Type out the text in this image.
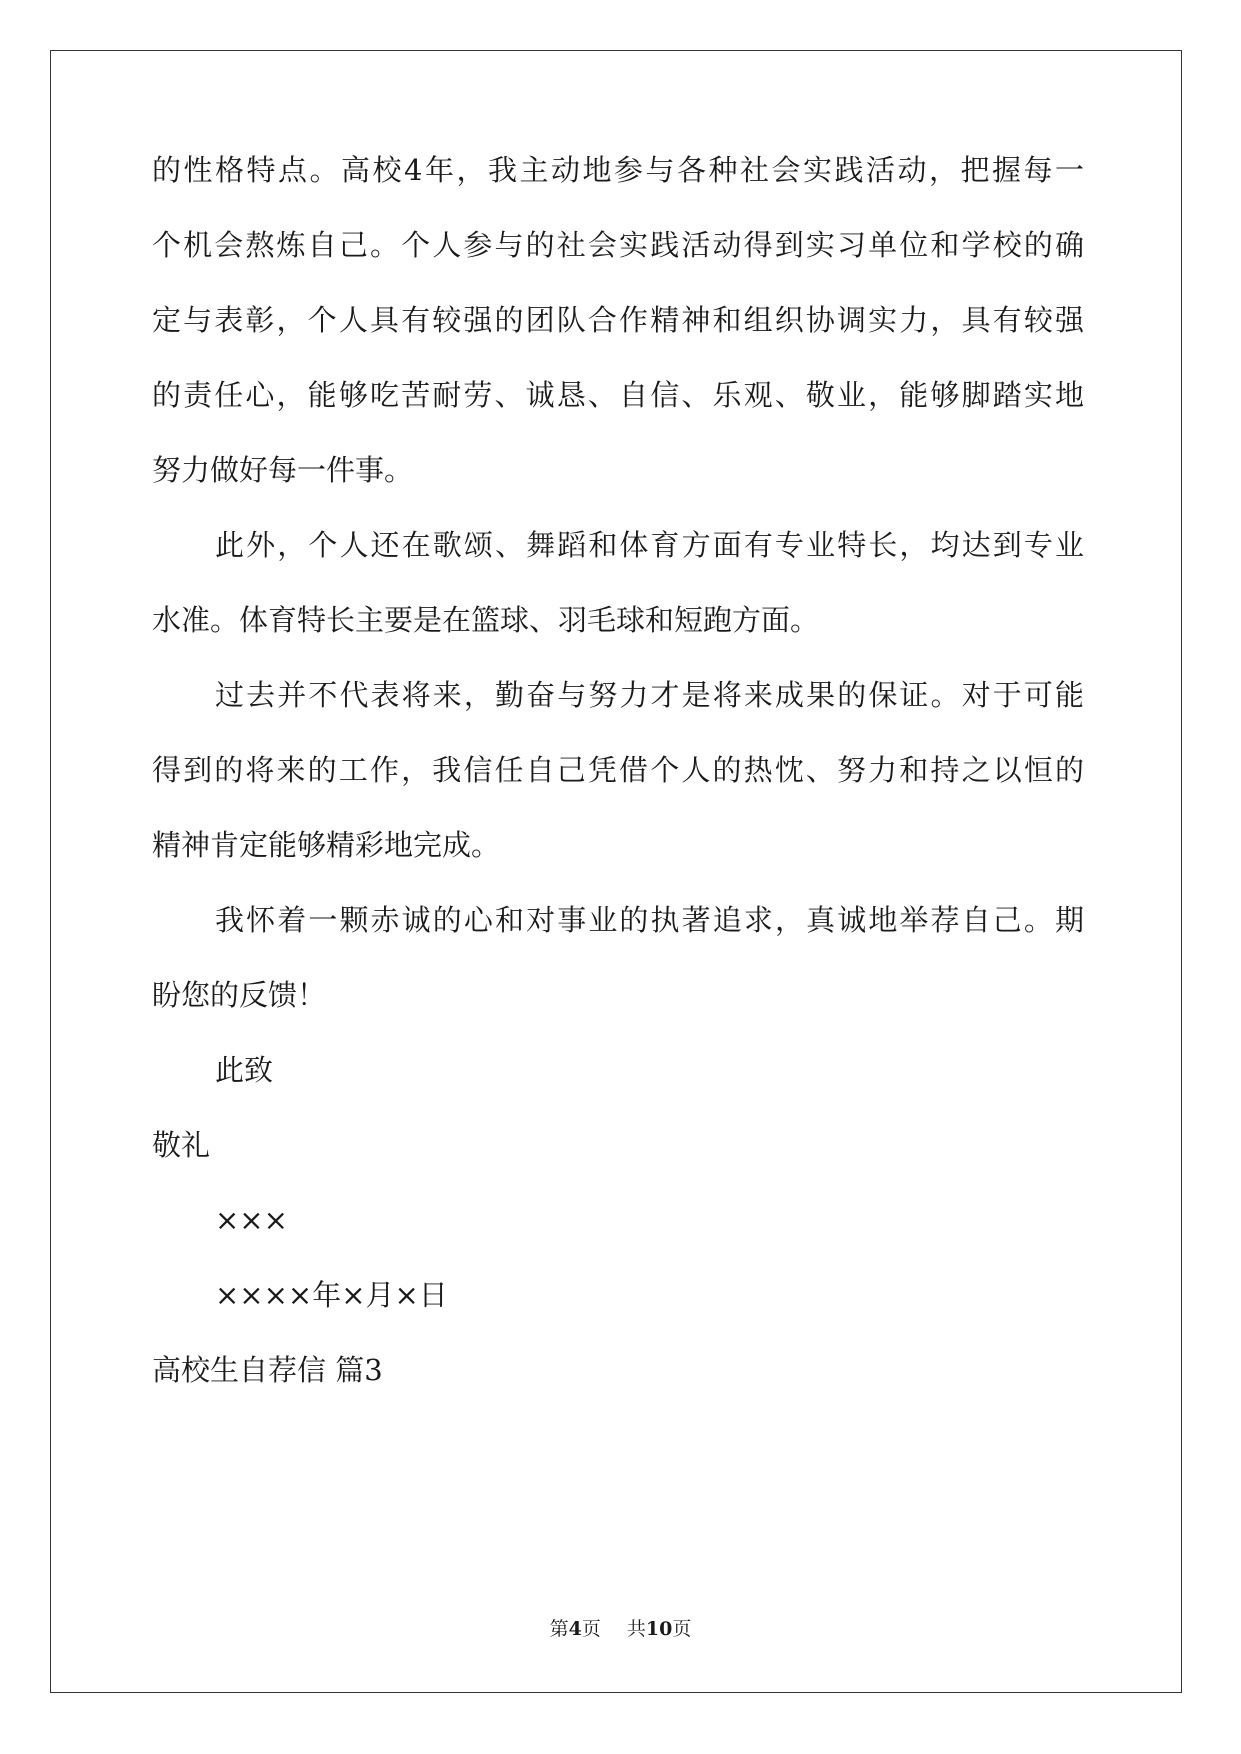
的性格特点。高校4年，我主动地参与各种社会实践活动，把握每一

个机会熬炼自己。个人参与的社会实践活动得到实习单位和学校的确

定与表彰，个人具有较强的团队合作精神和组织协调实力，具有较强

的责任心，能够吃苦耐劳、诚恳、自信、乐观、敬业，能够脚踏实地

努力做好每一件事。

此外，个人还在歌颂、舞蹈和体育方面有专业特长，均达到专业

水准。体育特长主要是在篮球、羽毛球和短跑方面。

过去并不代表将来，勤奋与努力才是将来成果的保证。对于可能

得到的将来的工作，我信任自己凭借个人的热忱、努力和持之以恒的

精神肯定能够精彩地完成。

我怀着一颗赤诚的心和对事业的执著追求，真诚地举荐自己。期

盼您的反馈！

此致

敬礼

×××

××××年×月×日

高校生自荐信 篇3

第4页 共10页
